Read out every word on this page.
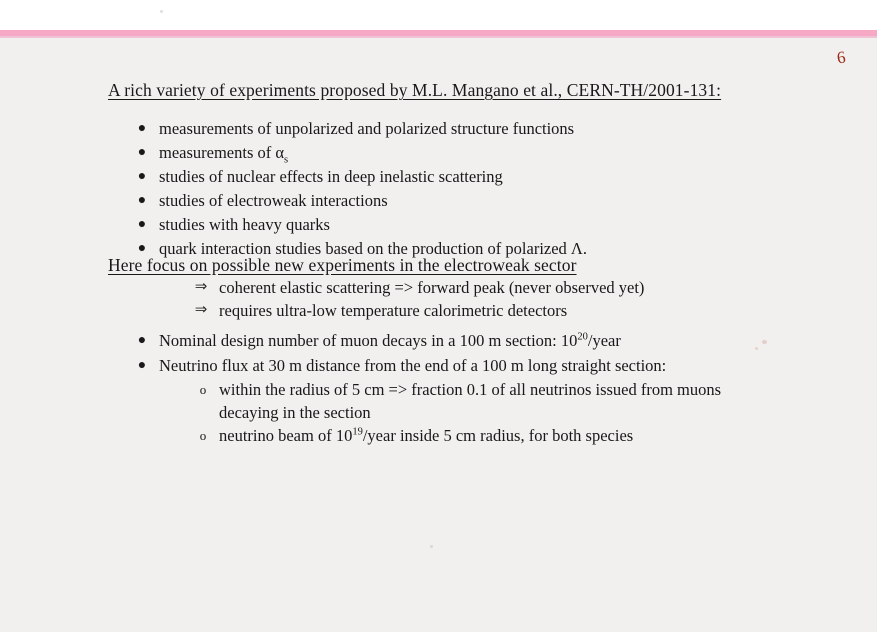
6
A rich variety of experiments proposed by M.L. Mangano et al., CERN-TH/2001-131:
● measurements of unpolarized and polarized structure functions
● measurements of $\alpha_s$
● studies of nuclear effects in deep inelastic scattering
● studies of electroweak interactions
● studies with heavy quarks
● quark interaction studies based on the production of polarized Λ.
Here focus on possible new experiments in the electroweak sector
⇒ coherent elastic scattering => forward peak (never observed yet)
⇒ requires ultra-low temperature calorimetric detectors
● Nominal design number of muon decays in a 100 m section: $10^{20}$/year
● Neutrino flux at 30 m distance from the end of a 100 m long straight section:
o within the radius of 5 cm => fraction 0.1 of all neutrinos issued from muons
decaying in the section
o neutrino beam of $10^{19}$/year inside 5 cm radius, for both species
